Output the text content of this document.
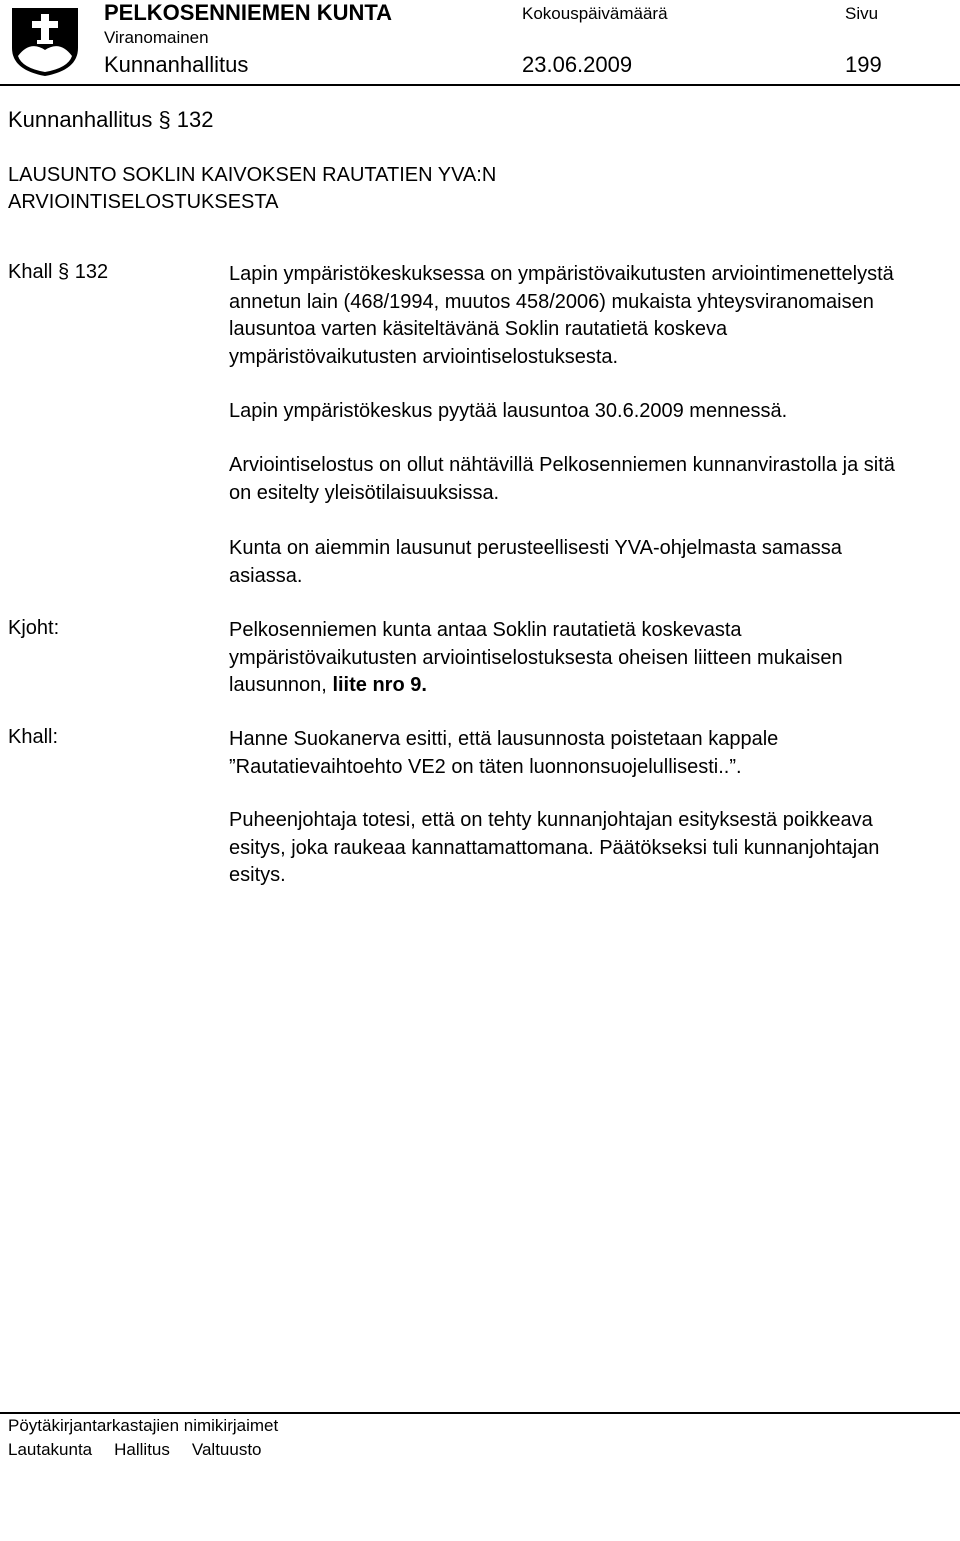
PELKOSENNIEMEN KUNTA	Kokouspäivämäärä	Sivu
Viranomainen
Kunnanhallitus	23.06.2009	199
Kunnanhallitus § 132
LAUSUNTO SOKLIN KAIVOKSEN RAUTATIEN YVA:N ARVIOINTISELOSTUKSESTA
Khall § 132	Lapin ympäristökeskuksessa on ympäristövaikutusten arviointimenettelystä annetun lain (468/1994, muutos 458/2006) mukaista yhteysviranomaisen lausuntoa varten käsiteltävänä Soklin rautatietä koskeva ympäristövaikutusten arviointiselostuksesta.
Lapin ympäristökeskus pyytää lausuntoa 30.6.2009 mennessä.
Arviointiselostus on ollut nähtävillä Pelkosenniemen kunnanvirastolla ja sitä on esitelty yleisötilaisuuksissa.
Kunta on aiemmin lausunut perusteellisesti YVA-ohjelmasta samassa asiassa.
Kjoht:	Pelkosenniemen kunta antaa Soklin rautatietä koskevasta ympäristövaikutusten arviointiselostuksesta oheisen liitteen mukaisen lausunnon, liite nro 9.
Khall:	Hanne Suokanerva esitti, että lausunnosta poistetaan kappale ”Rautatievaihtoehto VE2 on täten luonnonsuojelullisesti..”.
Puheenjohtaja totesi, että on tehty kunnanjohtajan esityksestä poikkeava esitys, joka raukeaa kannattamattomana. Päätökseksi tuli kunnanjohtajan esitys.
Pöytäkirjantarkastajien nimikirjaimet
Lautakunta Hallitus Valtuusto
